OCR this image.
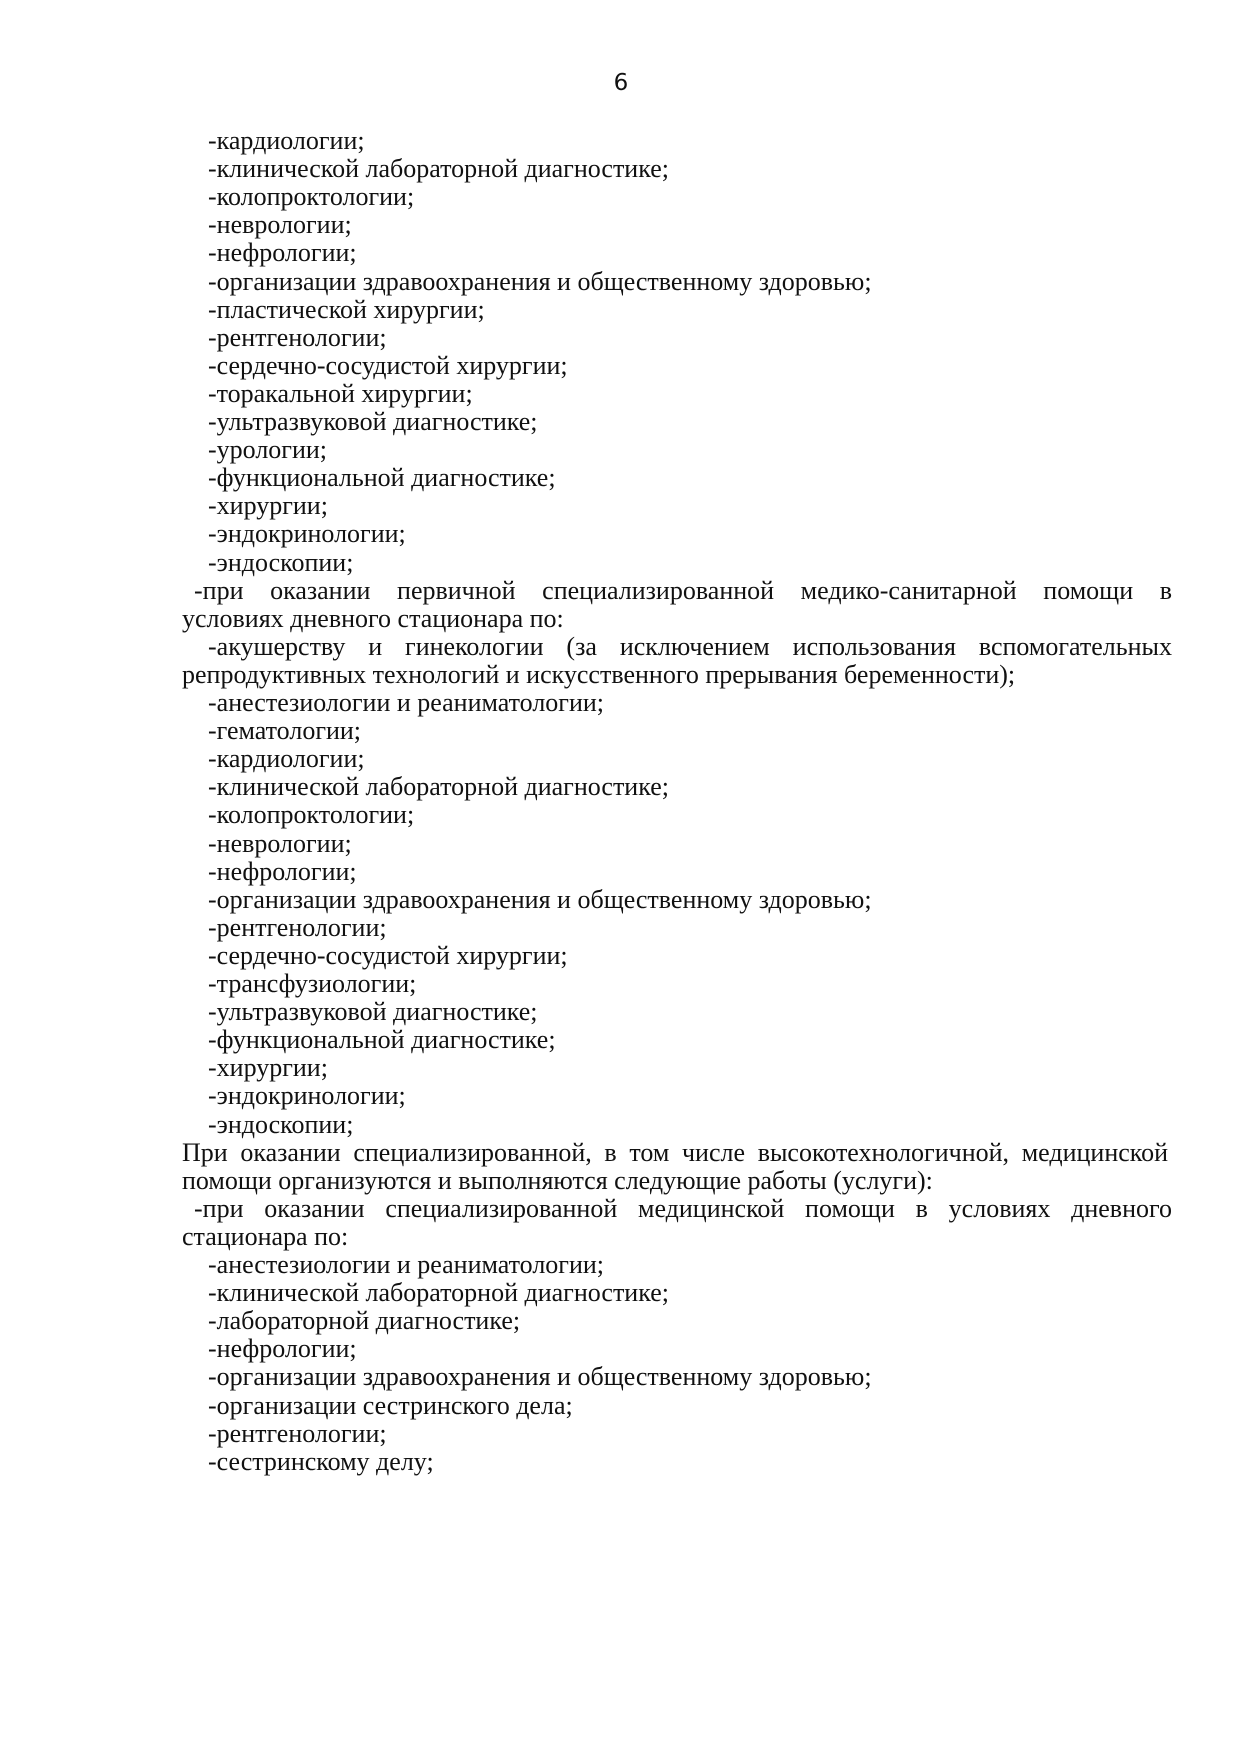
6
-кардиологии;
-клинической лабораторной диагностике;
-колопроктологии;
-неврологии;
-нефрологии;
-организации здравоохранения и общественному здоровью;
-пластической хирургии;
-рентгенологии;
-сердечно-сосудистой хирургии;
-торакальной хирургии;
-ультразвуковой диагностике;
-урологии;
-функциональной диагностике;
-хирургии;
-эндокринологии;
-эндоскопии;
-при оказании первичной специализированной медико-санитарной помощи в
условиях дневного стационара по:
-акушерству и гинекологии (за исключением использования вспомогательных
репродуктивных технологий и искусственного прерывания беременности);
-анестезиологии и реаниматологии;
-гематологии;
-кардиологии;
-клинической лабораторной диагностике;
-колопроктологии;
-неврологии;
-нефрологии;
-организации здравоохранения и общественному здоровью;
-рентгенологии;
-сердечно-сосудистой хирургии;
-трансфузиологии;
-ультразвуковой диагностике;
-функциональной диагностике;
-хирургии;
-эндокринологии;
-эндоскопии;
При оказании специализированной, в том числе высокотехнологичной, медицинской
помощи организуются и выполняются следующие работы (услуги):
-при оказании специализированной медицинской помощи в условиях дневного
стационара по:
-анестезиологии и реаниматологии;
-клинической лабораторной диагностике;
-лабораторной диагностике;
-нефрологии;
-организации здравоохранения и общественному здоровью;
-организации сестринского дела;
-рентгенологии;
-сестринскому делу;
